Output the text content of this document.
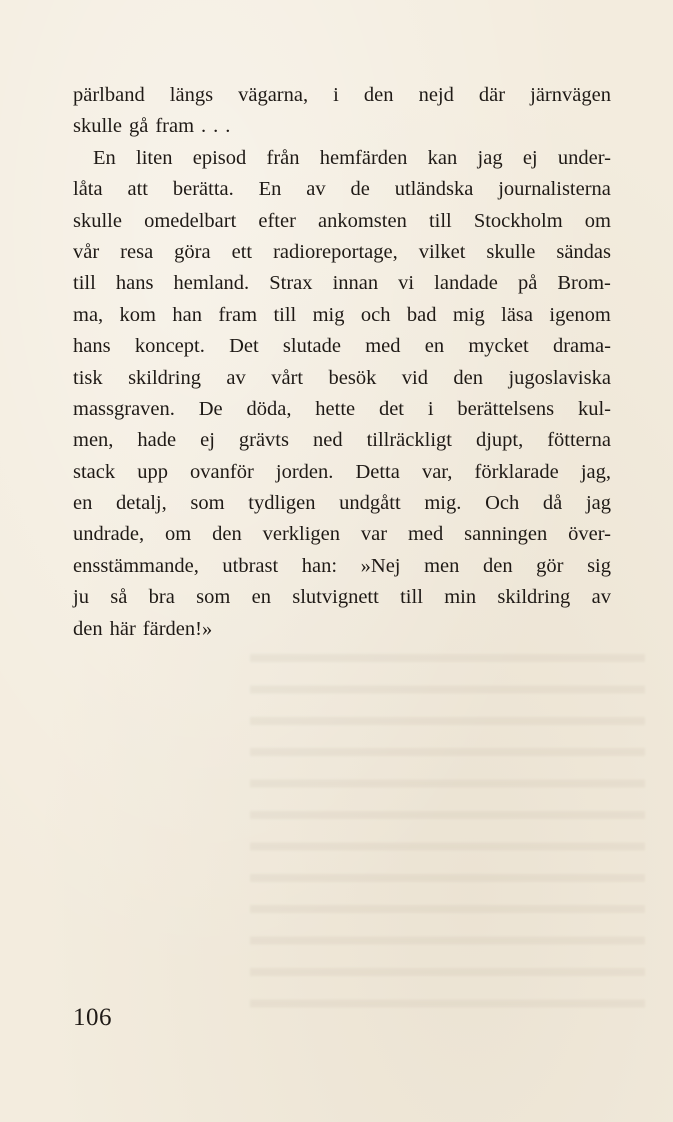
pärlband längs vägarna, i den nejd där järnvägen
skulle gå fram . . .
En liten episod från hemfärden kan jag ej under-
låta att berätta. En av de utländska journalisterna
skulle omedelbart efter ankomsten till Stockholm om
vår resa göra ett radioreportage, vilket skulle sändas
till hans hemland. Strax innan vi landade på Brom-
ma, kom han fram till mig och bad mig läsa igenom
hans koncept. Det slutade med en mycket drama-
tisk skildring av vårt besök vid den jugoslaviska
massgraven. De döda, hette det i berättelsens kul-
men, hade ej grävts ned tillräckligt djupt, fötterna
stack upp ovanför jorden. Detta var, förklarade jag,
en detalj, som tydligen undgått mig. Och då jag
undrade, om den verkligen var med sanningen över-
ensstämmande, utbrast han: »Nej men den gör sig
ju så bra som en slutvignett till min skildring av
den här färden!»
106
